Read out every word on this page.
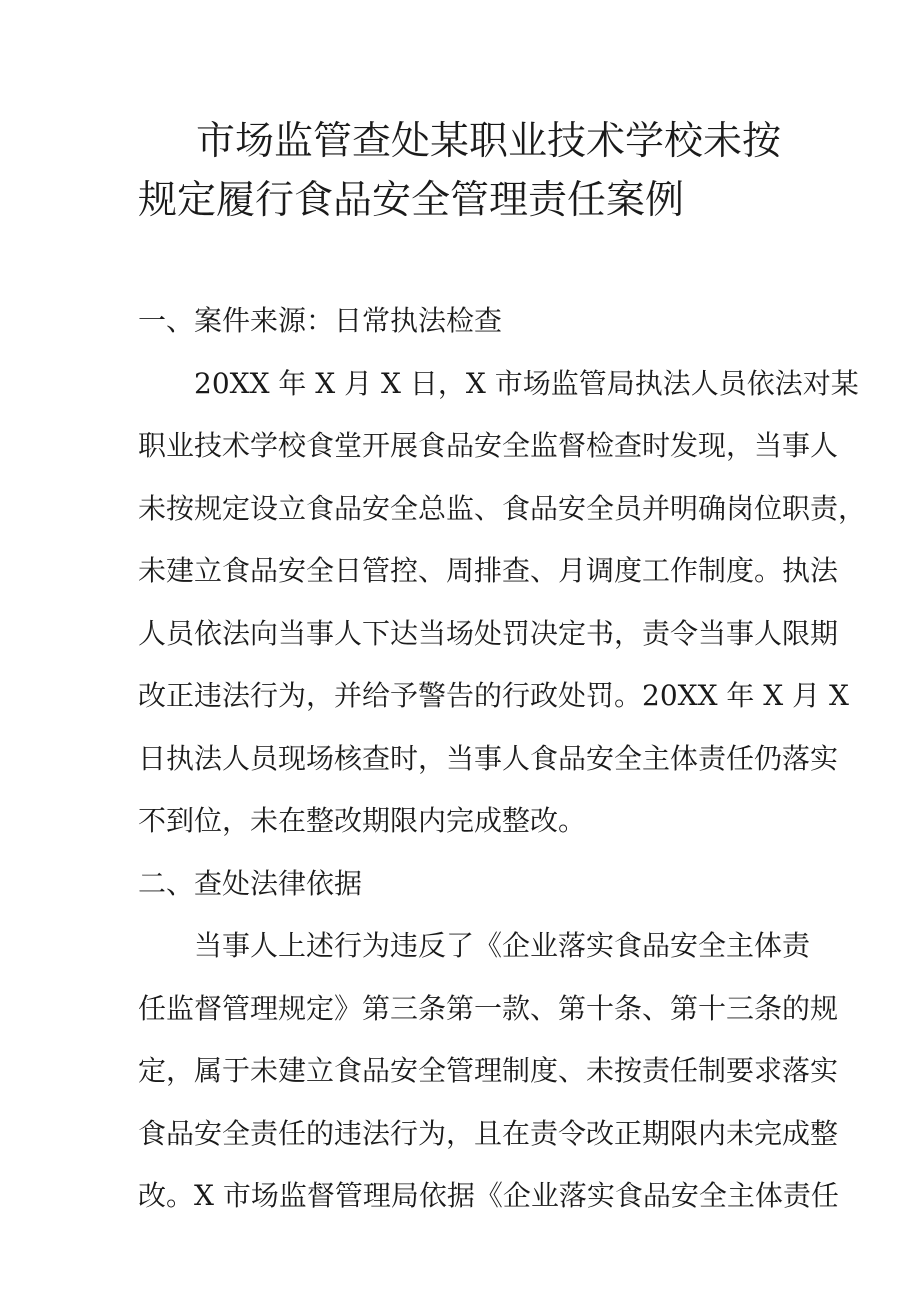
市场监管查处某职业技术学校未按
规定履行食品安全管理责任案例

一、案件来源：日常执法检查

20XX 年 X 月 X 日，X 市场监管局执法人员依法对某
职业技术学校食堂开展食品安全监督检查时发现，当事人
未按规定设立食品安全总监、食品安全员并明确岗位职责，
未建立食品安全日管控、周排查、月调度工作制度。执法
人员依法向当事人下达当场处罚决定书，责令当事人限期
改正违法行为，并给予警告的行政处罚。20XX 年 X 月 X
日执法人员现场核查时，当事人食品安全主体责任仍落实
不到位，未在整改期限内完成整改。

二、查处法律依据

当事人上述行为违反了《企业落实食品安全主体责
任监督管理规定》第三条第一款、第十条、第十三条的规
定，属于未建立食品安全管理制度、未按责任制要求落实
食品安全责任的违法行为，且在责令改正期限内未完成整
改。X 市场监督管理局依据《企业落实食品安全主体责任
